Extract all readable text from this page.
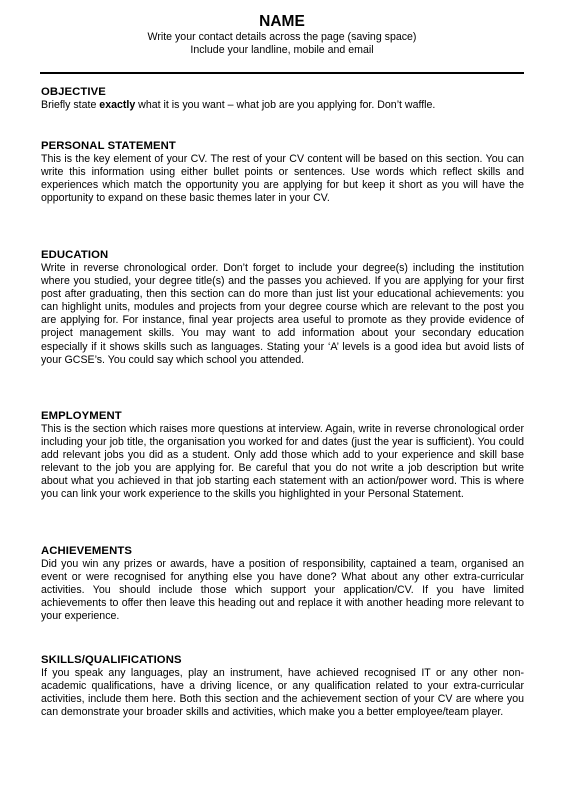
NAME
Write your contact details across the page (saving space)
Include your landline, mobile and email
OBJECTIVE
Briefly state exactly what it is you want – what job are you applying for. Don’t waffle.
PERSONAL STATEMENT
This is the key element of your CV. The rest of your CV content will be based on this section. You can write this information using either bullet points or sentences. Use words which reflect skills and experiences which match the opportunity you are applying for but keep it short as you will have the opportunity to expand on these basic themes later in your CV.
EDUCATION
Write in reverse chronological order. Don’t forget to include your degree(s) including the institution where you studied, your degree title(s) and the passes you achieved. If you are applying for your first post after graduating, then this section can do more than just list your educational achievements: you can highlight units, modules and projects from your degree course which are relevant to the post you are applying for. For instance, final year projects area useful to promote as they provide evidence of project management skills. You may want to add information about your secondary education especially if it shows skills such as languages. Stating your ‘A’ levels is a good idea but avoid lists of your GCSE’s. You could say which school you attended.
EMPLOYMENT
This is the section which raises more questions at interview. Again, write in reverse chronological order including your job title, the organisation you worked for and dates (just the year is sufficient). You could add relevant jobs you did as a student. Only add those which add to your experience and skill base relevant to the job you are applying for. Be careful that you do not write a job description but write about what you achieved in that job starting each statement with an action/power word. This is where you can link your work experience to the skills you highlighted in your Personal Statement.
ACHIEVEMENTS
Did you win any prizes or awards, have a position of responsibility, captained a team, organised an event or were recognised for anything else you have done? What about any other extra-curricular activities. You should include those which support your application/CV. If you have limited achievements to offer then leave this heading out and replace it with another heading more relevant to your experience.
SKILLS/QUALIFICATIONS
If you speak any languages, play an instrument, have achieved recognised IT or any other non-academic qualifications, have a driving licence, or any qualification related to your extra-curricular activities, include them here. Both this section and the achievement section of your CV are where you can demonstrate your broader skills and activities, which make you a better employee/team player.
